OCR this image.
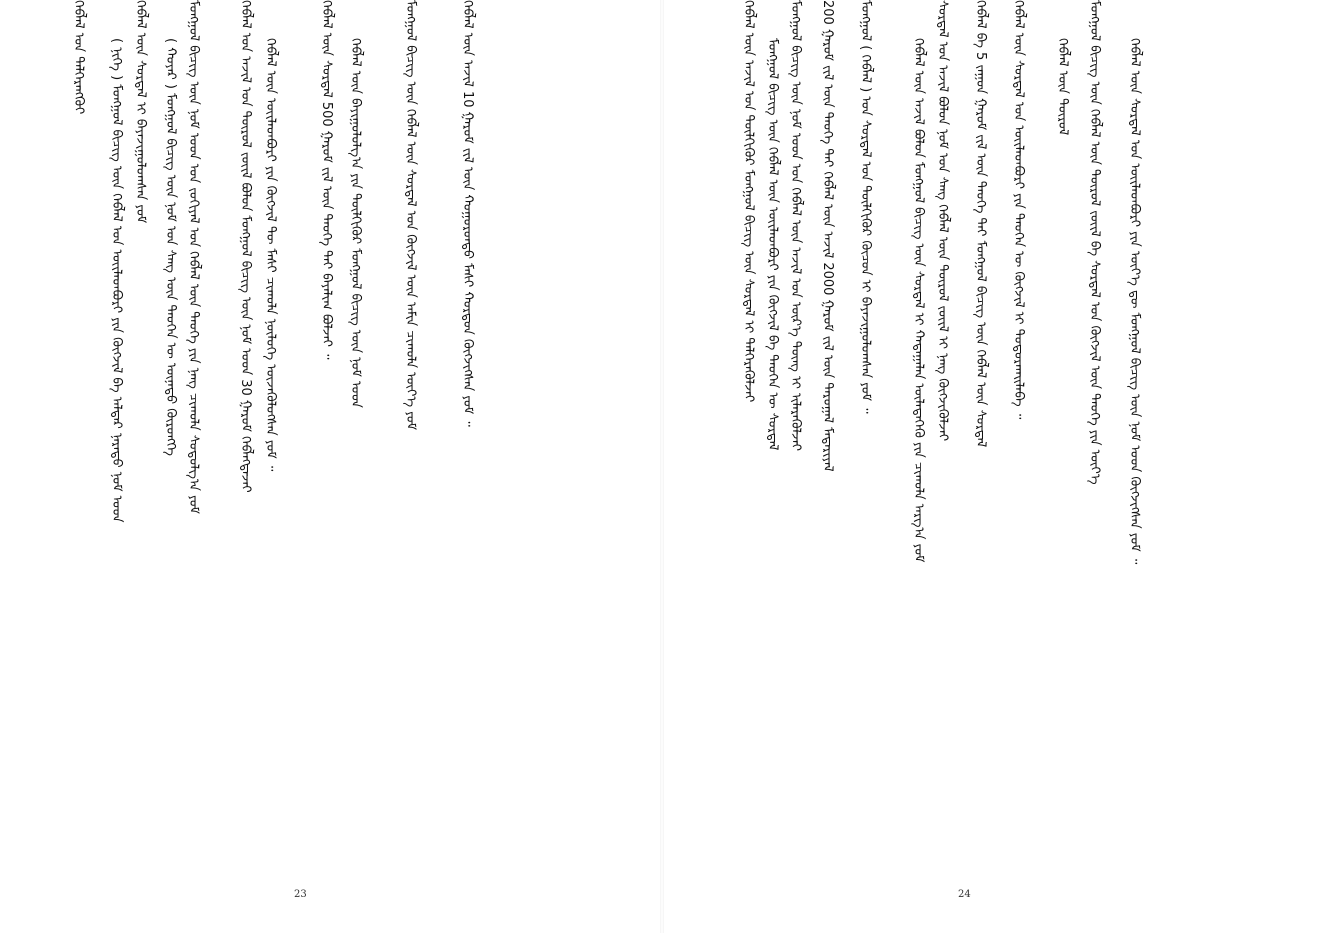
ᠬᠡᠪᠯᠡᠯ ᠤᠨ ᠳᠡᠯᠭᠡᠷᠡᠩᠭᠦᠢ	( ᠨᠢᠭᠡ ) ᠮᠣᠩᠭᠣᠯ ᠪᠢᠴᠢᠭ ᠦᠨ ᠬᠡᠪᠯᠡᠯ ᠤᠨ ᠦᠢᠯᠡᠳᠪᠦᠷᠢ ᠶᠢᠨ ᠬᠥᠭᠵᠢᠯ ᠪᠠ ᠠᠯᠳᠠᠷ ᠨᠡᠷᠡᠲᠦ ᠨᠣᠮ ᠤᠳ ᠬᠡᠪᠯᠡᠯ ᠦᠨ ᠰᠤᠷᠲᠠᠯ ᠢ ᠪᠠᠶᠠᠵᠢᠭᠤᠯᠤᠭᠰᠠᠨ ᠶᠤᠮ	( ᠬᠣᠶᠠᠷ ) ᠮᠣᠩᠭᠣᠯ ᠪᠢᠴᠢᠭ ᠦᠨ ᠨᠣᠮ ᠤᠨ ᠰᠠᠩ ᠦᠨ ᠲᠡᠦᠬᠡᠨ ᠦ ᠦᠨᠡᠲᠦ ᠬᠥᠷᠥᠩᠭᠡ ᠮᠣᠩᠭᠣᠯ ᠪᠢᠴᠢᠭ ᠦᠨ ᠨᠣᠮ ᠤᠳ ᠤᠨ ᠵᠣᠬᠢᠶᠠᠯ ᠤᠨ ᠬᠡᠪᠯᠡᠯ ᠦᠨ ᠲᠡᠦᠬᠡ ᠶᠢᠨ ᠨᠡᠩ ᠴᠢᠬᠤᠯᠠ ᠰᠤᠳᠤᠯᠭ᠎ᠠ ᠶᠤᠮ	ᠬᠡᠪᠯᠡᠯ ᠤᠨ ᠠᠵᠢᠯ ᠤᠨ ᠲᠦᠷᠦᠯ ᠵᠦᠢᠯ ᠪᠣᠯᠤᠨ ᠮᠣᠩᠭᠣᠯ ᠪᠢᠴᠢᠭ ᠦᠨ ᠨᠣᠮ ᠤᠳ 30 ᠭᠠᠷᠤᠮ ᠬᠡᠪᠯᠡᠭᠳᠡᠵᠡᠢ ᠬᠡᠪᠯᠡᠯ ᠦᠨ ᠦᠢᠯᠡᠳᠪᠦᠷᠢ ᠶᠢᠨ ᠬᠥᠭᠵᠢᠯ ᠲᠦ ᠮᠠᠰᠢ ᠴᠢᠬᠤᠯᠠ ᠨᠥᠯᠦᠭᠡ ᠦᠵᠡᠭᠦᠯᠦᠭᠰᠡᠨ ᠶᠤᠮ ᠃	ᠬᠡᠪᠯᠡᠯ ᠦᠨ ᠰᠤᠷᠲᠠᠯ 500 ᠭᠠᠷᠤᠮ ᠵᠢᠯ ᠦᠨ ᠲᠡᠦᠬᠡ ᠲᠠᠢ ᠪᠠᠶᠠᠯᠢᠭ ᠪᠣᠯᠵᠠᠢ ᠃	ᠬᠡᠪᠯᠡᠯ ᠦᠨ ᠪᠠᠶᠢᠭᠤᠯᠤᠯᠭ᠎ᠠ ᠶᠢᠨ ᠲᠦᠯᠬᠢᠭᠦᠷ ᠮᠣᠩᠭᠣᠯ ᠪᠢᠴᠢᠭ ᠦᠨ ᠨᠣᠮ ᠤᠳ	ᠮᠣᠩᠭᠣᠯ ᠪᠢᠴᠢᠭ ᠦᠨ ᠬᠡᠪᠯᠡᠯ ᠦᠨ ᠰᠤᠷᠲᠠᠯ ᠤᠨ ᠬᠥᠭᠵᠢᠯ ᠦᠨ ᠠᠮᠢᠨ ᠴᠢᠬᠤᠯᠠ ᠦᠶ᠎ᠡ ᠶᠤᠮ	ᠬᠡᠪᠯᠡᠯ ᠦᠨ ᠠᠵᠢᠯ 10 ᠭᠠᠷᠤᠮ ᠵᠢᠯ ᠦᠨ ᠬᠣᠭᠣᠷᠣᠨᠳᠣ ᠮᠠᠰᠢ ᠬᠤᠷᠳᠤᠨ ᠬᠥᠭᠵᠢᠭᠰᠡᠨ ᠶᠤᠮ ᠃
23
ᠬᠡᠪᠯᠡᠯ ᠦᠨ ᠠᠵᠢᠯ ᠤᠨ ᠲᠦᠯᠬᠢᠭᠦᠷ ᠮᠣᠩᠭᠣᠯ ᠪᠢᠴᠢᠭ ᠦᠨ ᠰᠤᠷᠲᠠᠯ ᠢ ᠳᠡᠯᠭᠡᠷᠡᠭᠦᠯᠵᠡᠢ ᠮᠣᠩᠭᠣᠯ ᠪᠢᠴᠢᠭ ᠦᠨ ᠬᠡᠪᠯᠡᠯ ᠦᠨ ᠦᠢᠯᠡᠳᠪᠦᠷᠢ ᠶᠢᠨ ᠬᠥᠭᠵᠢᠯ ᠪᠠ ᠲᠡᠦᠬᠡᠨ ᠦ ᠰᠤᠷᠲᠠᠯ ᠮᠣᠩᠭᠣᠯ ᠪᠢᠴᠢᠭ ᠦᠨ ᠨᠣᠮ ᠤᠳ ᠤᠨ ᠬᠡᠪᠯᠡᠯ ᠦᠨ ᠠᠵᠢᠯ ᠤᠨ ᠦᠷ᠎ᠡ ᠳᠦᠩ ᠢ ᠢᠯᠡᠷᠡᠭᠦᠯᠵᠡᠢ	200 ᠭᠠᠷᠤᠮ ᠵᠢᠯ ᠦᠨ ᠲᠡᠦᠬᠡ ᠲᠠᠢ ᠬᠡᠪᠯᠡᠯ ᠦᠨ ᠠᠵᠢᠯ 2000 ᠭᠠᠷᠤᠮ ᠵᠢᠯ ᠦᠨ ᠳᠠᠷᠤᠭᠠᠯ ᠮᠠᠲᠠᠷᠢᠶᠠᠯ	ᠮᠣᠩᠭᠣᠯ ( ᠬᠡᠪᠯᠡᠯ ) ᠤᠨ ᠰᠤᠷᠲᠠᠯ ᠤᠨ ᠲᠦᠯᠬᠢᠭᠦᠷ ᠬᠦᠴᠦᠨ ᠢ ᠪᠠᠶᠠᠵᠢᠭᠤᠯᠤᠭᠰᠠᠨ ᠶᠤᠮ ᠃	ᠬᠡᠪᠯᠡᠯ ᠦᠨ ᠠᠵᠢᠯ ᠪᠣᠯᠤᠨ ᠮᠣᠩᠭᠣᠯ ᠪᠢᠴᠢᠭ ᠦᠨ ᠰᠤᠷᠲᠠᠯ ᠢ ᠬᠠᠳᠠᠭᠠᠯᠠᠨ ᠦᠯᠡᠳᠡᠭᠡᠬᠦ ᠶᠢᠨ ᠴᠢᠬᠤᠯᠠ ᠠᠷᠭ᠎ᠠ ᠶᠤᠮ ᠰᠤᠷᠲᠠᠯ ᠤᠨ ᠠᠵᠢᠯ ᠪᠣᠯᠤᠨ ᠨᠣᠮ ᠤᠨ ᠰᠠᠩ ᠬᠡᠪᠯᠡᠯ ᠦᠨ ᠲᠦᠷᠦᠯ ᠵᠦᠢᠯ ᠢ ᠨᠡᠩ ᠬᠥᠭᠵᠢᠭᠦᠯᠵᠡᠢ	ᠬᠡᠪᠯᠡᠯ ᠪᠠ 5 ᠵᠠᠭᠤᠨ ᠭᠠᠷᠤᠮ ᠵᠢᠯ ᠦᠨ ᠲᠡᠦᠬᠡ ᠲᠠᠢ ᠮᠣᠩᠭᠣᠯ ᠪᠢᠴᠢᠭ ᠦᠨ ᠬᠡᠪᠯᠡᠯ ᠦᠨ ᠰᠤᠷᠲᠠᠯ	ᠬᠡᠪᠯᠡᠯ ᠦᠨ ᠰᠤᠷᠲᠠᠯ ᠤᠨ ᠦᠢᠯᠡᠳᠪᠦᠷᠢ ᠶᠢᠨ ᠲᠡᠦᠬᠡᠨ ᠦ ᠬᠥᠭᠵᠢᠯ ᠢ ᠲᠣᠳᠤᠷᠬᠠᠢᠯᠠᠪᠠ ᠃	ᠬᠡᠪᠯᠡᠯ ᠦᠨ ᠲᠦᠷᠦᠯ	ᠮᠣᠩᠭᠣᠯ ᠪᠢᠴᠢᠭ ᠦᠨ ᠬᠡᠪᠯᠡᠯ ᠦᠨ ᠲᠦᠷᠦᠯ ᠵᠦᠢᠯ ᠪᠠ ᠰᠤᠷᠲᠠᠯ ᠤᠨ ᠬᠥᠭᠵᠢᠯ ᠦᠨ ᠲᠡᠦᠬᠡ ᠶᠢᠨ ᠦᠶ᠎ᠡ	ᠬᠡᠪᠯᠡᠯ ᠦᠨ ᠰᠤᠷᠲᠠᠯ ᠤᠨ ᠦᠢᠯᠡᠳᠪᠦᠷᠢ ᠶᠢᠨ ᠦᠶ᠎ᠡ ᠳᠦ ᠮᠣᠩᠭᠣᠯ ᠪᠢᠴᠢᠭ ᠦᠨ ᠨᠣᠮ ᠤᠳ ᠬᠥᠭᠵᠢᠭᠰᠡᠨ ᠶᠤᠮ ᠃
24
